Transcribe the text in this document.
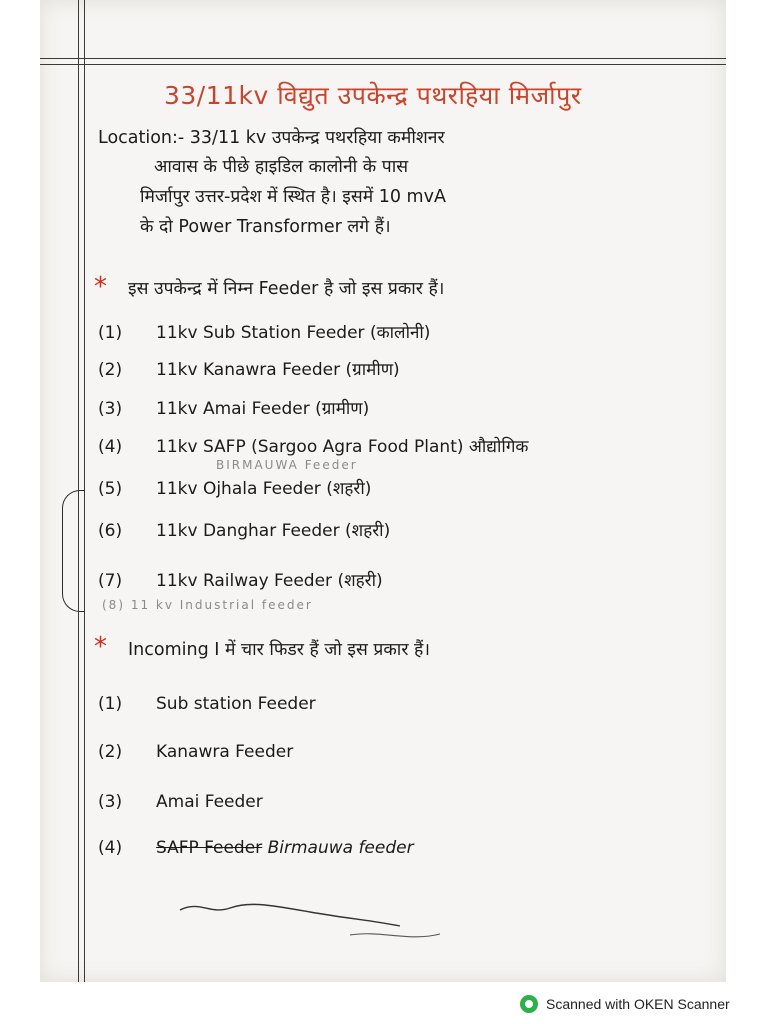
33/11kv विद्युत उपकेन्द्र पथरहिया मिर्जापुर
Location:- 33/11 kv उपकेन्द्र पथरहिया कमीशनर
आवास के पीछे हाइडिल कालोनी के पास
मिर्जापुर उत्तर-प्रदेश में स्थित है। इसमें 10 mvA
के दो Power Transformer लगे हैं।
* इस उपकेन्द्र में निम्न Feeder है जो इस प्रकार हैं।
(1) 11kv Sub Station Feeder (कालोनी)
(2) 11kv Kanawra Feeder (ग्रामीण)
(3) 11kv Amai Feeder (ग्रामीण)
(4) 11kv SAFP (Sargoo Agra Food Plant) औद्योगिक
BIRMAUWA Feeder
(5) 11kv Ojhala Feeder (शहरी)
(6) 11kv Danghar Feeder (शहरी)
(7) 11kv Railway Feeder (शहरी)
(8) 11 kv Industrial feeder
* Incoming I में चार फिडर हैं जो इस प्रकार हैं।
(1) Sub station Feeder
(2) Kanawra Feeder
(3) Amai Feeder
(4) SAFP Feeder Birmauwa feeder
Scanned with OKEN Scanner
